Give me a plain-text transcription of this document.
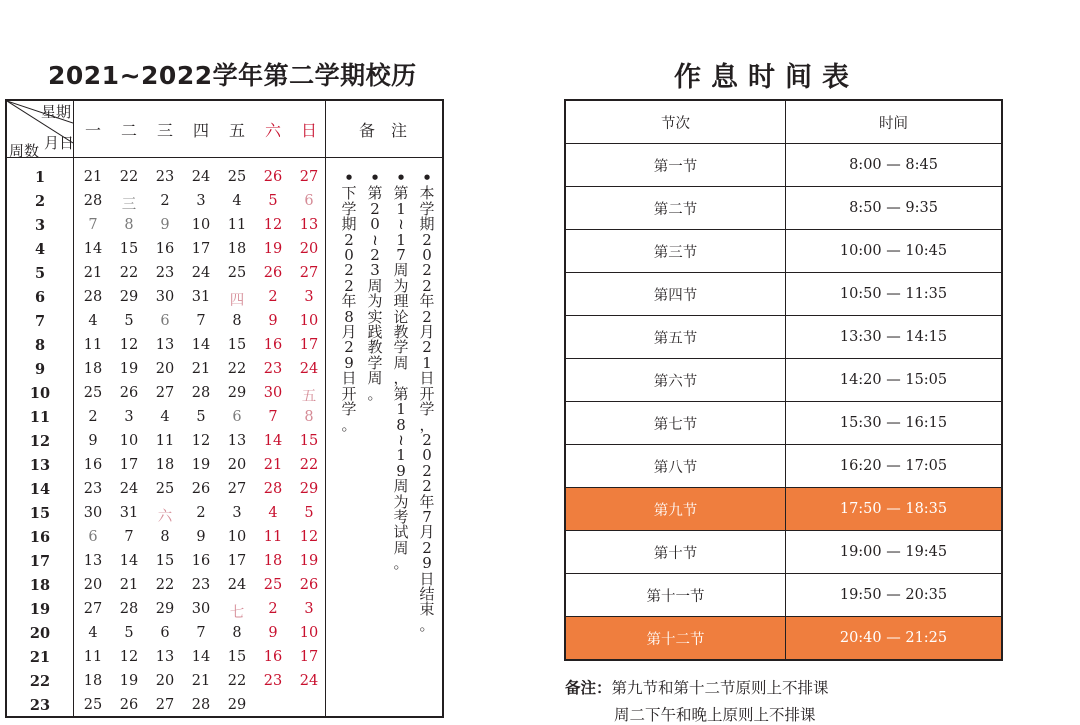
2021~2022学年第二学期校历
星期
月日
周数
一	二	三	四	五	六	日	备　注
1	21	22	23	24	25	26	27
2	28	三	2	3	4	5	6
3	7	8	9	10	11	12	13
4	14	15	16	17	18	19	20
5	21	22	23	24	25	26	27
6	28	29	30	31	四	2	3
7	4	5	6	7	8	9	10
8	11	12	13	14	15	16	17
9	18	19	20	21	22	23	24
10	25	26	27	28	29	30	五
11	2	3	4	5	6	7	8
12	9	10	11	12	13	14	15
13	16	17	18	19	20	21	22
14	23	24	25	26	27	28	29
15	30	31	六	2	3	4	5
16	6	7	8	9	10	11	12
17	13	14	15	16	17	18	19
18	20	21	22	23	24	25	26
19	27	28	29	30	七	2	3
20	4	5	6	7	8	9	10
21	11	12	13	14	15	16	17
22	18	19	20	21	22	23	24
23	25	26	27	28	29
•
本
学
期
2
0
2
2
年
2
月
2
1
日
开
学
，
2
0
2
2
年
7
月
2
9
日
结
束
。
•
第
1
≀
1
7
周
为
理
论
教
学
周
，
第
1
8
≀
1
9
周
为
考
试
周
。
•
第
2
0
≀
2
3
周
为
实
践
教
学
周
。
•
下
学
期
2
0
2
2
年
8
月
2
9
日
开
学
。
作息时间表
节次	时间
第一节	8:00 — 8:45
第二节	8:50 — 9:35
第三节	10:00 — 10:45
第四节	10:50 — 11:35
第五节	13:30 — 14:15
第六节	14:20 — 15:05
第七节	15:30 — 16:15
第八节	16:20 — 17:05
第九节	17:50 — 18:35
第十节	19:00 — 19:45
第十一节	19:50 — 20:35
第十二节	20:40 — 21:25
备注：第九节和第十二节原则上不排课
周二下午和晚上原则上不排课
